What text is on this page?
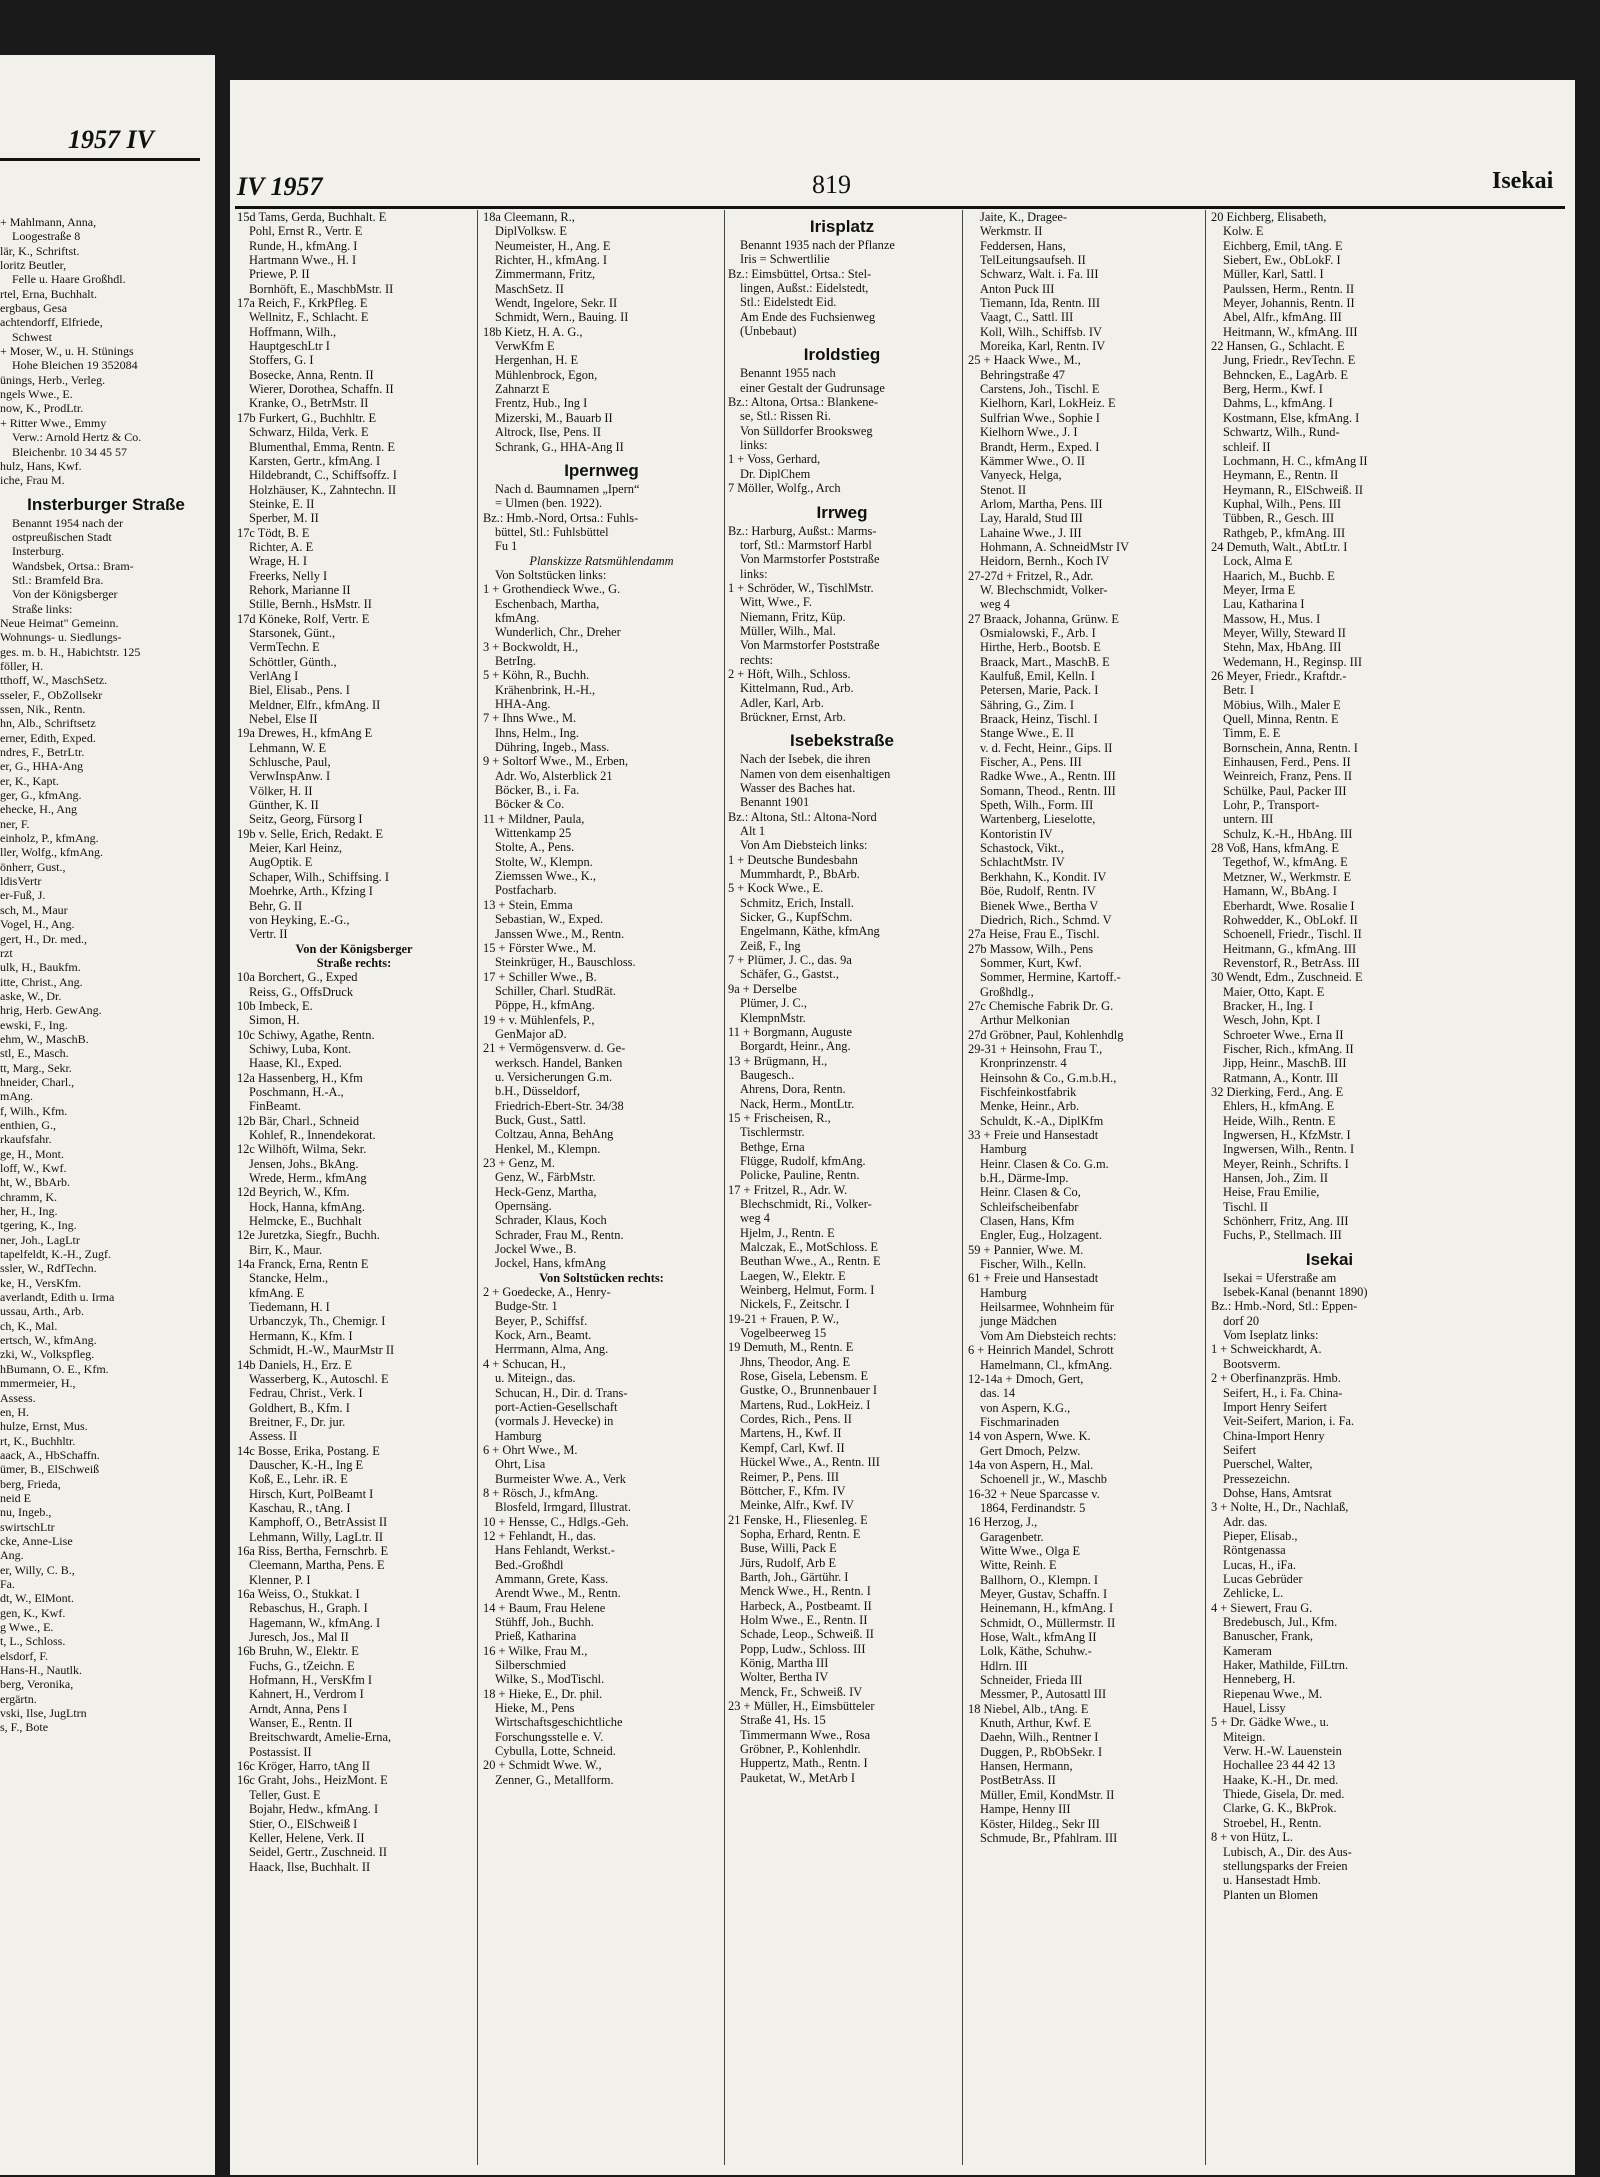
1957 IV
+ Mahlmann, Anna,
Loogestraße 8
lär, K., Schriftst.
loritz Beutler,
Felle u. Haare Großhdl.
rtel, Erna, Buchhalt.
ergbaus, Gesa
achtendorff, Elfriede,
Schwest
+ Moser, W., u. H. Stünings
Hohe Bleichen 19 352084
ünings, Herb., Verleg.
ngels Wwe., E.
now, K., ProdLtr.
+ Ritter Wwe., Emmy
Verw.: Arnold Hertz & Co.
Bleichenbr. 10 34 45 57
hulz, Hans, Kwf.
iche, Frau M.
Insterburger Straße
Benannt 1954 nach der
ostpreußischen Stadt
Insterburg.
Wandsbek, Ortsa.: Bram-
Stl.: Bramfeld Bra.
Von der Königsberger
Straße links:
Neue Heimat" Gemeinn.
Wohnungs- u. Siedlungs-
ges. m. b. H., Habichtstr. 125
föller, H.
tthoff, W., MaschSetz.
sseler, F., ObZollsekr
ssen, Nik., Rentn.
hn, Alb., Schriftsetz
erner, Edith, Exped.
ndres, F., BetrLtr.
er, G., HHA-Ang
er, K., Kapt.
ger, G., kfmAng.
ehecke, H., Ang
ner, F.
einholz, P., kfmAng.
ller, Wolfg., kfmAng.
önherr, Gust.,
ldisVertr
er-Fuß, J.
sch, M., Maur
Vogel, H., Ang.
gert, H., Dr. med.,
rzt
ulk, H., Baukfm.
itte, Christ., Ang.
aske, W., Dr.
hrig, Herb. GewAng.
ewski, F., Ing.
ehm, W., MaschB.
stl, E., Masch.
tt, Marg., Sekr.
hneider, Charl.,
mAng.
f, Wilh., Kfm.
enthien, G.,
rkaufsfahr.
ge, H., Mont.
loff, W., Kwf.
ht, W., BbArb.
chramm, K.
her, H., Ing.
tgering, K., Ing.
ner, Joh., LagLtr
tapelfeldt, K.-H., Zugf.
ssler, W., RdfTechn.
ke, H., VersKfm.
averlandt, Edith u. Irma
ussau, Arth., Arb.
ch, K., Mal.
ertsch, W., kfmAng.
zki, W., Volkspfleg.
hBumann, O. E., Kfm.
mmermeier, H.,
Assess.
en, H.
hulze, Ernst, Mus.
rt, K., Buchhltr.
aack, A., HbSchaffn.
ümer, B., ElSchweiß
berg, Frieda,
neid E
nu, Ingeb.,
swirtschLtr
cke, Anne-Lise
Ang.
er, Willy, C. B.,
Fa.
dt, W., ElMont.
gen, K., Kwf.
g Wwe., E.
t, L., Schloss.
elsdorf, F.
Hans-H., Nautlk.
berg, Veronika,
ergärtn.
vski, Ilse, JugLtrn
s, F., Bote
IV 1957	819	Isekai
15d Tams, Gerda, Buchhalt. E
Pohl, Ernst R., Vertr. E
Runde, H., kfmAng. I
Hartmann Wwe., H. I
Priewe, P. II
Bornhöft, E., MaschbMstr. II
17a Reich, F., KrkPfleg. E
Wellnitz, F., Schlacht. E
Hoffmann, Wilh.,
HauptgeschLtr I
Stoffers, G. I
Bosecke, Anna, Rentn. II
Wierer, Dorothea, Schaffn. II
Kranke, O., BetrMstr. II
17b Furkert, G., Buchhltr. E
Schwarz, Hilda, Verk. E
Blumenthal, Emma, Rentn. E
Karsten, Gertr., kfmAng. I
Hildebrandt, C., Schiffsoffz. I
Holzhäuser, K., Zahntechn. II
Steinke, E. II
Sperber, M. II
17c Tödt, B. E
Richter, A. E
Wrage, H. I
Freerks, Nelly I
Rehork, Marianne II
Stille, Bernh., HsMstr. II
17d Köneke, Rolf, Vertr. E
Starsonek, Günt.,
VermTechn. E
Schöttler, Günth.,
VerlAng I
Biel, Elisab., Pens. I
Meldner, Elfr., kfmAng. II
Nebel, Else II
19a Drewes, H., kfmAng E
Lehmann, W. E
Schlusche, Paul,
VerwInspAnw. I
Völker, H. II
Günther, K. II
Seitz, Georg, Fürsorg I
19b v. Selle, Erich, Redakt. E
Meier, Karl Heinz,
AugOptik. E
Schaper, Wilh., Schiffsing. I
Moehrke, Arth., Kfzing I
Behr, G. II
von Heyking, E.-G.,
Vertr. II
Von der Königsberger
Straße rechts:
10a Borchert, G., Exped
Reiss, G., OffsDruck
10b Imbeck, E.
Simon, H.
10c Schiwy, Agathe, Rentn.
Schiwy, Luba, Kont.
Haase, Kl., Exped.
12a Hassenberg, H., Kfm
Poschmann, H.-A.,
FinBeamt.
12b Bär, Charl., Schneid
Kohlef, R., Innendekorat.
12c Wilhöft, Wilma, Sekr.
Jensen, Johs., BkAng.
Wrede, Herm., kfmAng
12d Beyrich, W., Kfm.
Hock, Hanna, kfmAng.
Helmcke, E., Buchhalt
12e Juretzka, Siegfr., Buchh.
Birr, K., Maur.
14a Franck, Erna, Rentn E
Stancke, Helm.,
kfmAng. E
Tiedemann, H. I
Urbanczyk, Th., Chemigr. I
Hermann, K., Kfm. I
Schmidt, H.-W., MaurMstr II
14b Daniels, H., Erz. E
Wasserberg, K., Autoschl. E
Fedrau, Christ., Verk. I
Goldhert, B., Kfm. I
Breitner, F., Dr. jur.
Assess. II
14c Bosse, Erika, Postang. E
Dauscher, K.-H., Ing E
Koß, E., Lehr. iR. E
Hirsch, Kurt, PolBeamt I
Kaschau, R., tAng. I
Kamphoff, O., BetrAssist II
Lehmann, Willy, LagLtr. II
16a Riss, Bertha, Fernschrb. E
Cleemann, Martha, Pens. E
Klenner, P. I
16a Weiss, O., Stukkat. I
Rebaschus, H., Graph. I
Hagemann, W., kfmAng. I
Juresch, Jos., Mal II
16b Bruhn, W., Elektr. E
Fuchs, G., tZeichn. E
Hofmann, H., VersKfm I
Kahnert, H., Verdrom I
Arndt, Anna, Pens I
Wanser, E., Rentn. II
Breitschwardt, Amelie-Erna,
Postassist. II
16c Kröger, Harro, tAng II
16c Graht, Johs., HeizMont. E
Teller, Gust. E
Bojahr, Hedw., kfmAng. I
Stier, O., ElSchweiß I
Keller, Helene, Verk. II
Seidel, Gertr., Zuschneid. II
Haack, Ilse, Buchhalt. II
18a Cleemann, R.,
DiplVolksw. E
Neumeister, H., Ang. E
Richter, H., kfmAng. I
Zimmermann, Fritz,
MaschSetz. II
Wendt, Ingelore, Sekr. II
Schmidt, Wern., Bauing. II
18b Kietz, H. A. G.,
VerwKfm E
Hergenhan, H. E
Mühlenbrock, Egon,
Zahnarzt E
Frentz, Hub., Ing I
Mizerski, M., Bauarb II
Altrock, Ilse, Pens. II
Schrank, G., HHA-Ang II
Ipernweg
Nach d. Baumnamen „Ipern“
= Ulmen (ben. 1922).
Bz.: Hmb.-Nord, Ortsa.: Fuhls-
büttel, Stl.: Fuhlsbüttel
Fu 1
Planskizze Ratsmühlendamm
Von Soltstücken links:
1 + Grothendieck Wwe., G.
Eschenbach, Martha,
kfmAng.
Wunderlich, Chr., Dreher
3 + Bockwoldt, H.,
BetrIng.
5 + Köhn, R., Buchh.
Krähenbrink, H.-H.,
HHA-Ang.
7 + Ihns Wwe., M.
Ihns, Helm., Ing.
Dühring, Ingeb., Mass.
9 + Soltorf Wwe., M., Erben,
Adr. Wo, Alsterblick 21
Böcker, B., i. Fa.
Böcker & Co.
11 + Mildner, Paula,
Wittenkamp 25
Stolte, A., Pens.
Stolte, W., Klempn.
Ziemssen Wwe., K.,
Postfacharb.
13 + Stein, Emma
Sebastian, W., Exped.
Janssen Wwe., M., Rentn.
15 + Förster Wwe., M.
Steinkrüger, H., Bauschloss.
17 + Schiller Wwe., B.
Schiller, Charl. StudRät.
Pöppe, H., kfmAng.
19 + v. Mühlenfels, P.,
GenMajor aD.
21 + Vermögensverw. d. Ge-
werksch. Handel, Banken
u. Versicherungen G.m.
b.H., Düsseldorf,
Friedrich-Ebert-Str. 34/38
Buck, Gust., Sattl.
Coltzau, Anna, BehAng
Henkel, M., Klempn.
23 + Genz, M.
Genz, W., FärbMstr.
Heck-Genz, Martha,
Opernsäng.
Schrader, Klaus, Koch
Schrader, Frau M., Rentn.
Jockel Wwe., B.
Jockel, Hans, kfmAng
Von Soltstücken rechts:
2 + Goedecke, A., Henry-
Budge-Str. 1
Beyer, P., Schiffsf.
Kock, Arn., Beamt.
Herrmann, Alma, Ang.
4 + Schucan, H.,
u. Miteign., das.
Schucan, H., Dir. d. Trans-
port-Actien-Gesellschaft
(vormals J. Hevecke) in
Hamburg
6 + Ohrt Wwe., M.
Ohrt, Lisa
Burmeister Wwe. A., Verk
8 + Rösch, J., kfmAng.
Blosfeld, Irmgard, Illustrat.
10 + Hensse, C., Hdlgs.-Geh.
12 + Fehlandt, H., das.
Hans Fehlandt, Werkst.-
Bed.-Großhdl
Ammann, Grete, Kass.
Arendt Wwe., M., Rentn.
14 + Baum, Frau Helene
Stühff, Joh., Buchh.
Prieß, Katharina
16 + Wilke, Frau M.,
Silberschmied
Wilke, S., ModTischl.
18 + Hieke, E., Dr. phil.
Hieke, M., Pens
Wirtschaftsgeschichtliche
Forschungsstelle e. V.
Cybulla, Lotte, Schneid.
20 + Schmidt Wwe. W.,
Zenner, G., Metallform.
Irisplatz
Benannt 1935 nach der Pflanze
Iris = Schwertlilie
Bz.: Eimsbüttel, Ortsa.: Stel-
lingen, Außst.: Eidelstedt,
Stl.: Eidelstedt Eid.
Am Ende des Fuchsienweg
(Unbebaut)
Iroldstieg
Benannt 1955 nach
einer Gestalt der Gudrunsage
Bz.: Altona, Ortsa.: Blankene-
se, Stl.: Rissen Ri.
Von Sülldorfer Brooksweg
links:
1 + Voss, Gerhard,
Dr. DiplChem
7 Möller, Wolfg., Arch
Irrweg
Bz.: Harburg, Außst.: Marms-
torf, Stl.: Marmstorf Harbl
Von Marmstorfer Poststraße
links:
1 + Schröder, W., TischlMstr.
Witt, Wwe., F.
Niemann, Fritz, Küp.
Müller, Wilh., Mal.
Von Marmstorfer Poststraße
rechts:
2 + Höft, Wilh., Schloss.
Kittelmann, Rud., Arb.
Adler, Karl, Arb.
Brückner, Ernst, Arb.
Isebekstraße
Nach der Isebek, die ihren
Namen von dem eisenhaltigen
Wasser des Baches hat.
Benannt 1901
Bz.: Altona, Stl.: Altona-Nord
Alt 1
Von Am Diebsteich links:
1 + Deutsche Bundesbahn
Mummhardt, P., BbArb.
5 + Kock Wwe., E.
Schmitz, Erich, Install.
Sicker, G., KupfSchm.
Engelmann, Käthe, kfmAng
Zeiß, F., Ing
7 + Plümer, J. C., das. 9a
Schäfer, G., Gastst.,
9a + Derselbe
Plümer, J. C.,
KlempnMstr.
11 + Borgmann, Auguste
Borgardt, Heinr., Ang.
13 + Brügmann, H.,
Baugesch..
Ahrens, Dora, Rentn.
Nack, Herm., MontLtr.
15 + Frischeisen, R.,
Tischlermstr.
Bethge, Erna
Flügge, Rudolf, kfmAng.
Policke, Pauline, Rentn.
17 + Fritzel, R., Adr. W.
Blechschmidt, Ri., Volker-
weg 4
Hjelm, J., Rentn. E
Malczak, E., MotSchloss. E
Beuthan Wwe., A., Rentn. E
Laegen, W., Elektr. E
Weinberg, Helmut, Form. I
Nickels, F., Zeitschr. I
19-21 + Frauen, P. W.,
Vogelbeerweg 15
19 Demuth, M., Rentn. E
Jhns, Theodor, Ang. E
Rose, Gisela, Lebensm. E
Gustke, O., Brunnenbauer I
Martens, Rud., LokHeiz. I
Cordes, Rich., Pens. II
Martens, H., Kwf. II
Kempf, Carl, Kwf. II
Hückel Wwe., A., Rentn. III
Reimer, P., Pens. III
Böttcher, F., Kfm. IV
Meinke, Alfr., Kwf. IV
21 Fenske, H., Fliesenleg. E
Sopha, Erhard, Rentn. E
Buse, Willi, Pack E
Jürs, Rudolf, Arb E
Barth, Joh., Gärtühr. I
Menck Wwe., H., Rentn. I
Harbeck, A., Postbeamt. II
Holm Wwe., E., Rentn. II
Schade, Leop., Schweiß. II
Popp, Ludw., Schloss. III
König, Martha III
Wolter, Bertha IV
Menck, Fr., Schweiß. IV
23 + Müller, H., Eimsbütteler
Straße 41, Hs. 15
Timmermann Wwe., Rosa
Gröbner, P., Kohlenhdlr.
Huppertz, Math., Rentn. I
Pauketat, W., MetArb I
Jaite, K., Dragee-
Werkmstr. II
Feddersen, Hans,
TelLeitungsaufseh. II
Schwarz, Walt. i. Fa. III
Anton Puck III
Tiemann, Ida, Rentn. III
Vaagt, C., Sattl. III
Koll, Wilh., Schiffsb. IV
Moreika, Karl, Rentn. IV
25 + Haack Wwe., M.,
Behringstraße 47
Carstens, Joh., Tischl. E
Kielhorn, Karl, LokHeiz. E
Sulfrian Wwe., Sophie I
Kielhorn Wwe., J. I
Brandt, Herm., Exped. I
Kämmer Wwe., O. II
Vanyeck, Helga,
Stenot. II
Arlom, Martha, Pens. III
Lay, Harald, Stud III
Lahaine Wwe., J. III
Hohmann, A. SchneidMstr IV
Heidorn, Bernh., Koch IV
27-27d + Fritzel, R., Adr.
W. Blechschmidt, Volker-
weg 4
27 Braack, Johanna, Grünw. E
Osmialowski, F., Arb. I
Hirthe, Herb., Bootsb. E
Braack, Mart., MaschB. E
Kaulfuß, Emil, Kelln. I
Petersen, Marie, Pack. I
Sähring, G., Zim. I
Braack, Heinz, Tischl. I
Stange Wwe., E. II
v. d. Fecht, Heinr., Gips. II
Fischer, A., Pens. III
Radke Wwe., A., Rentn. III
Somann, Theod., Rentn. III
Speth, Wilh., Form. III
Wartenberg, Lieselotte,
Kontoristin IV
Schastock, Vikt.,
SchlachtMstr. IV
Berkhahn, K., Kondit. IV
Böe, Rudolf, Rentn. IV
Bienek Wwe., Bertha V
Diedrich, Rich., Schmd. V
27a Heise, Frau E., Tischl.
27b Massow, Wilh., Pens
Sommer, Kurt, Kwf.
Sommer, Hermine, Kartoff.-
Großhdlg.,
27c Chemische Fabrik Dr. G.
Arthur Melkonian
27d Gröbner, Paul, Kohlenhdlg
29-31 + Heinsohn, Frau T.,
Kronprinzenstr. 4
Heinsohn & Co., G.m.b.H.,
Fischfeinkostfabrik
Menke, Heinr., Arb.
Schuldt, K.-A., DiplKfm
33 + Freie und Hansestadt
Hamburg
Heinr. Clasen & Co. G.m.
b.H., Därme-Imp.
Heinr. Clasen & Co,
Schleifscheibenfabr
Clasen, Hans, Kfm
Engler, Eug., Holzagent.
59 + Pannier, Wwe. M.
Fischer, Wilh., Kelln.
61 + Freie und Hansestadt
Hamburg
Heilsarmee, Wohnheim für
junge Mädchen
Vom Am Diebsteich rechts:
6 + Heinrich Mandel, Schrott
Hamelmann, Cl., kfmAng.
12-14a + Dmoch, Gert,
das. 14
von Aspern, K.G.,
Fischmarinaden
14 von Aspern, Wwe. K.
Gert Dmoch, Pelzw.
14a von Aspern, H., Mal.
Schoenell jr., W., Maschb
16-32 + Neue Sparcasse v.
1864, Ferdinandstr. 5
16 Herzog, J.,
Garagenbetr.
Witte Wwe., Olga E
Witte, Reinh. E
Ballhorn, O., Klempn. I
Meyer, Gustav, Schaffn. I
Heinemann, H., kfmAng. I
Schmidt, O., Müllermstr. II
Hose, Walt., kfmAng II
Lolk, Käthe, Schuhw.-
Hdlrn. III
Schneider, Frieda III
Messmer, P., Autosattl III
18 Niebel, Alb., tAng. E
Knuth, Arthur, Kwf. E
Daehn, Wilh., Rentner I
Duggen, P., RbObSekr. I
Hansen, Hermann,
PostBetrAss. II
Müller, Emil, KondMstr. II
Hampe, Henny III
Köster, Hildeg., Sekr III
Schmude, Br., Pfahlram. III
20 Eichberg, Elisabeth,
Kolw. E
Eichberg, Emil, tAng. E
Siebert, Ew., ObLokF. I
Müller, Karl, Sattl. I
Paulssen, Herm., Rentn. II
Meyer, Johannis, Rentn. II
Abel, Alfr., kfmAng. III
Heitmann, W., kfmAng. III
22 Hansen, G., Schlacht. E
Jung, Friedr., RevTechn. E
Behncken, E., LagArb. E
Berg, Herm., Kwf. I
Dahms, L., kfmAng. I
Kostmann, Else, kfmAng. I
Schwartz, Wilh., Rund-
schleif. II
Lochmann, H. C., kfmAng II
Heymann, E., Rentn. II
Heymann, R., ElSchweiß. II
Kuphal, Wilh., Pens. III
Tübben, R., Gesch. III
Rathgeb, P., kfmAng. III
24 Demuth, Walt., AbtLtr. I
Lock, Alma E
Haarich, M., Buchb. E
Meyer, Irma E
Lau, Katharina I
Massow, H., Mus. I
Meyer, Willy, Steward II
Stehn, Max, HbAng. III
Wedemann, H., Reginsp. III
26 Meyer, Friedr., Kraftdr.-
Betr. I
Möbius, Wilh., Maler E
Quell, Minna, Rentn. E
Timm, E. E
Bornschein, Anna, Rentn. I
Einhausen, Ferd., Pens. II
Weinreich, Franz, Pens. II
Schülke, Paul, Packer III
Lohr, P., Transport-
untern. III
Schulz, K.-H., HbAng. III
28 Voß, Hans, kfmAng. E
Tegethof, W., kfmAng. E
Metzner, W., Werkmstr. E
Hamann, W., BbAng. I
Eberhardt, Wwe. Rosalie I
Rohwedder, K., ObLokf. II
Schoenell, Friedr., Tischl. II
Heitmann, G., kfmAng. III
Revenstorf, R., BetrAss. III
30 Wendt, Edm., Zuschneid. E
Maier, Otto, Kapt. E
Bracker, H., Ing. I
Wesch, John, Kpt. I
Schroeter Wwe., Erna II
Fischer, Rich., kfmAng. II
Jipp, Heinr., MaschB. III
Ratmann, A., Kontr. III
32 Dierking, Ferd., Ang. E
Ehlers, H., kfmAng. E
Heide, Wilh., Rentn. E
Ingwersen, H., KfzMstr. I
Ingwersen, Wilh., Rentn. I
Meyer, Reinh., Schrifts. I
Hansen, Joh., Zim. II
Heise, Frau Emilie,
Tischl. II
Schönherr, Fritz, Ang. III
Fuchs, P., Stellmach. III
Isekai
Isekai = Uferstraße am
Isebek-Kanal (benannt 1890)
Bz.: Hmb.-Nord, Stl.: Eppen-
dorf 20
Vom Iseplatz links:
1 + Schweickhardt, A.
Bootsverm.
2 + Oberfinanzpräs. Hmb.
Seifert, H., i. Fa. China-
Import Henry Seifert
Veit-Seifert, Marion, i. Fa.
China-Import Henry
Seifert
Puerschel, Walter,
Pressezeichn.
Dohse, Hans, Amtsrat
3 + Nolte, H., Dr., Nachlaß,
Adr. das.
Pieper, Elisab.,
Röntgenassa
Lucas, H., iFa.
Lucas Gebrüder
Zehlicke, L.
4 + Siewert, Frau G.
Bredebusch, Jul., Kfm.
Banuscher, Frank,
Kameram
Haker, Mathilde, FilLtrn.
Henneberg, H.
Riepenau Wwe., M.
Hauel, Lissy
5 + Dr. Gädke Wwe., u.
Miteign.
Verw. H.-W. Lauenstein
Hochallee 23 44 42 13
Haake, K.-H., Dr. med.
Thiede, Gisela, Dr. med.
Clarke, G. K., BkProk.
Stroebel, H., Rentn.
8 + von Hütz, L.
Lubisch, A., Dir. des Aus-
stellungsparks der Freien
u. Hansestadt Hmb.
Planten un Blomen
